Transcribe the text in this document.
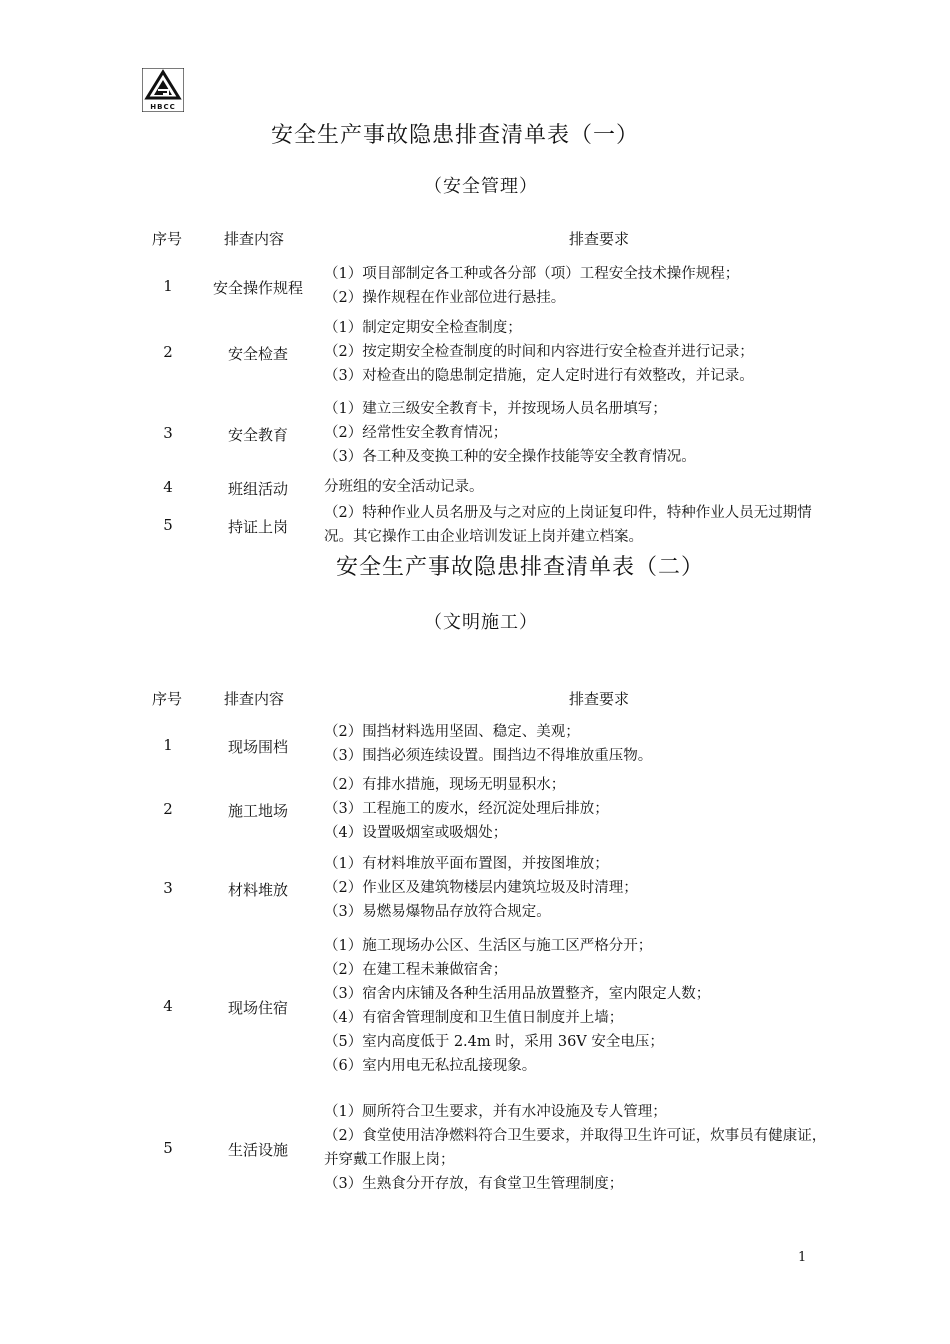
HBCC
安全生产事故隐患排查清单表（一）
（安全管理）
序号	排查内容	排查要求
1	安全操作规程
（1）项目部制定各工种或各分部（项）工程安全技术操作规程；
（2）操作规程在作业部位进行悬挂。
2	安全检查
（1）制定定期安全检查制度；
（2）按定期安全检查制度的时间和内容进行安全检查并进行记录；
（3）对检查出的隐患制定措施，定人定时进行有效整改，并记录。
3	安全教育
（1）建立三级安全教育卡，并按现场人员名册填写；
（2）经常性安全教育情况；
（3）各工种及变换工种的安全操作技能等安全教育情况。
4	班组活动	分班组的安全活动记录。
5	持证上岗
（2）特种作业人员名册及与之对应的上岗证复印件，特种作业人员无过期情
况。其它操作工由企业培训发证上岗并建立档案。
安全生产事故隐患排查清单表（二）
（文明施工）
序号	排查内容	排查要求
1	现场围档
（2）围挡材料选用坚固、稳定、美观；
（3）围挡必须连续设置。围挡边不得堆放重压物。
2	施工地场
（2）有排水措施，现场无明显积水；
（3）工程施工的废水，经沉淀处理后排放；
（4）设置吸烟室或吸烟处；
3	材料堆放
（1）有材料堆放平面布置图，并按图堆放；
（2）作业区及建筑物楼层内建筑垃圾及时清理；
（3）易燃易爆物品存放符合规定。
4	现场住宿
（1）施工现场办公区、生活区与施工区严格分开；
（2）在建工程未兼做宿舍；
（3）宿舍内床铺及各种生活用品放置整齐，室内限定人数；
（4）有宿舍管理制度和卫生值日制度并上墙；
（5）室内高度低于 2.4m 时，采用 36V 安全电压；
（6）室内用电无私拉乱接现象。
5	生活设施
（1）厕所符合卫生要求，并有水冲设施及专人管理；
（2）食堂使用洁净燃料符合卫生要求，并取得卫生许可证，炊事员有健康证，
并穿戴工作服上岗；
（3）生熟食分开存放，有食堂卫生管理制度；
1
